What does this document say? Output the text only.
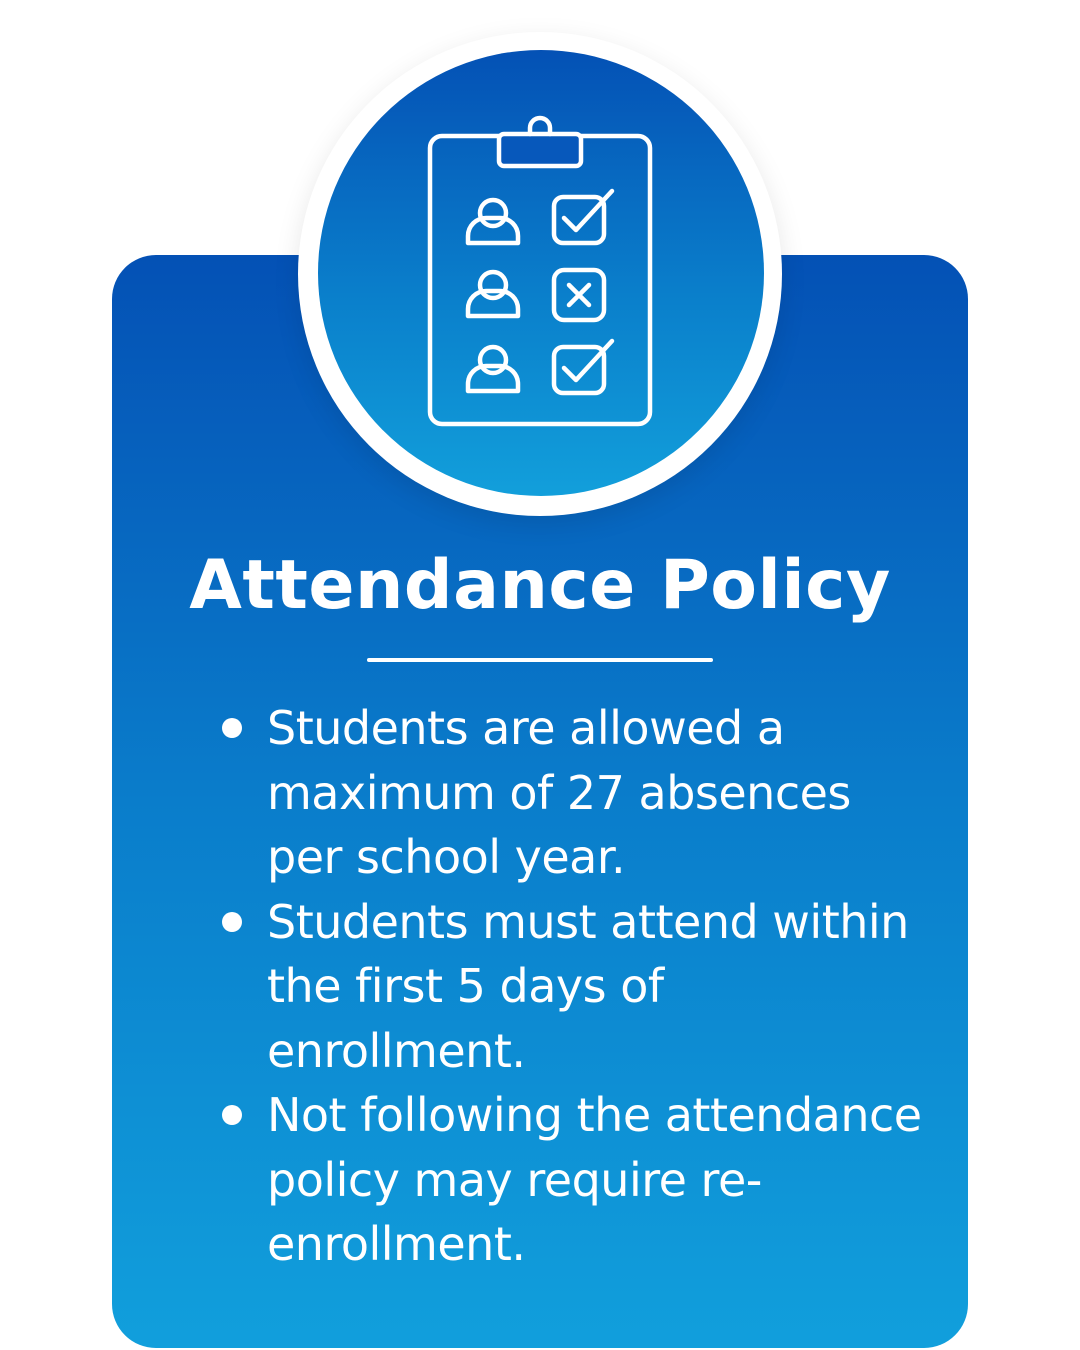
Attendance Policy
Students are allowed a maximum of 27 absences per school year.
Students must attend within the first 5 days of enrollment.
Not following the attendance policy may require re-enrollment.
